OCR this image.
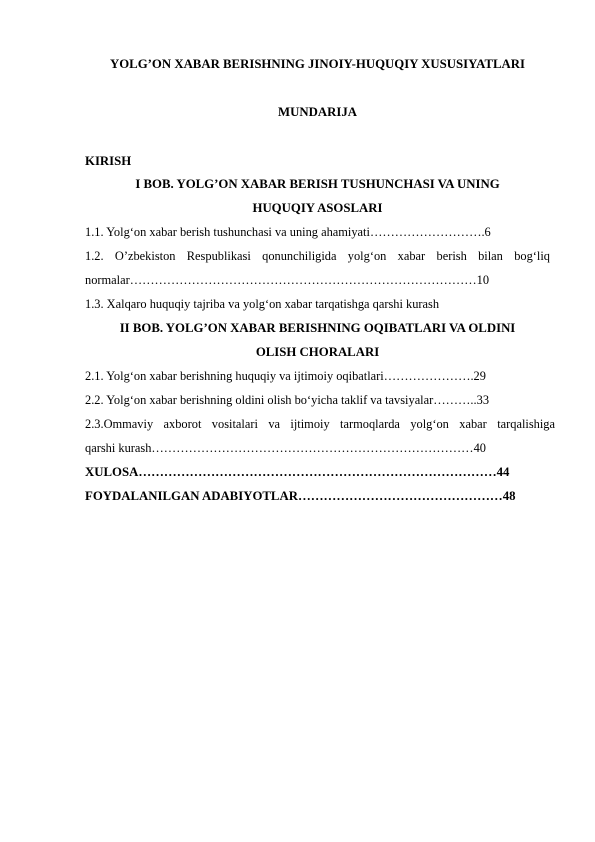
YOLG’ON XABAR BERISHNING JINOIY-HUQUQIY XUSUSIYATLARI
MUNDARIJA
KIRISH
I BOB. YOLG’ON XABAR BERISH TUSHUNCHASI VA UNING
HUQUQIY ASOSLARI
1.1. Yolg‘on xabar berish tushunchasi va uning ahamiyati……………………….6
1.2. O’zbekiston Respublikasi qonunchiligida yolg‘on xabar berish bilan bog‘liq
normalar…………………………………………………………………………10
1.3. Xalqaro huquqiy tajriba va yolg‘on xabar tarqatishga qarshi kurash
II BOB. YOLG’ON XABAR BERISHNING OQIBATLARI VA OLDINI
OLISH CHORALARI
2.1. Yolg‘on xabar berishning huquqiy va ijtimoiy oqibatlari………………….29
2.2. Yolg‘on xabar berishning oldini olish bo‘yicha taklif va tavsiyalar………..33
2.3.Ommaviy axborot vositalari va ijtimoiy tarmoqlarda yolg‘on xabar tarqalishiga
qarshi kurash……………………………………………………………………40
XULOSA…………………………………………………………………………44
FOYDALANILGAN ADABIYOTLAR…………………………………………48
